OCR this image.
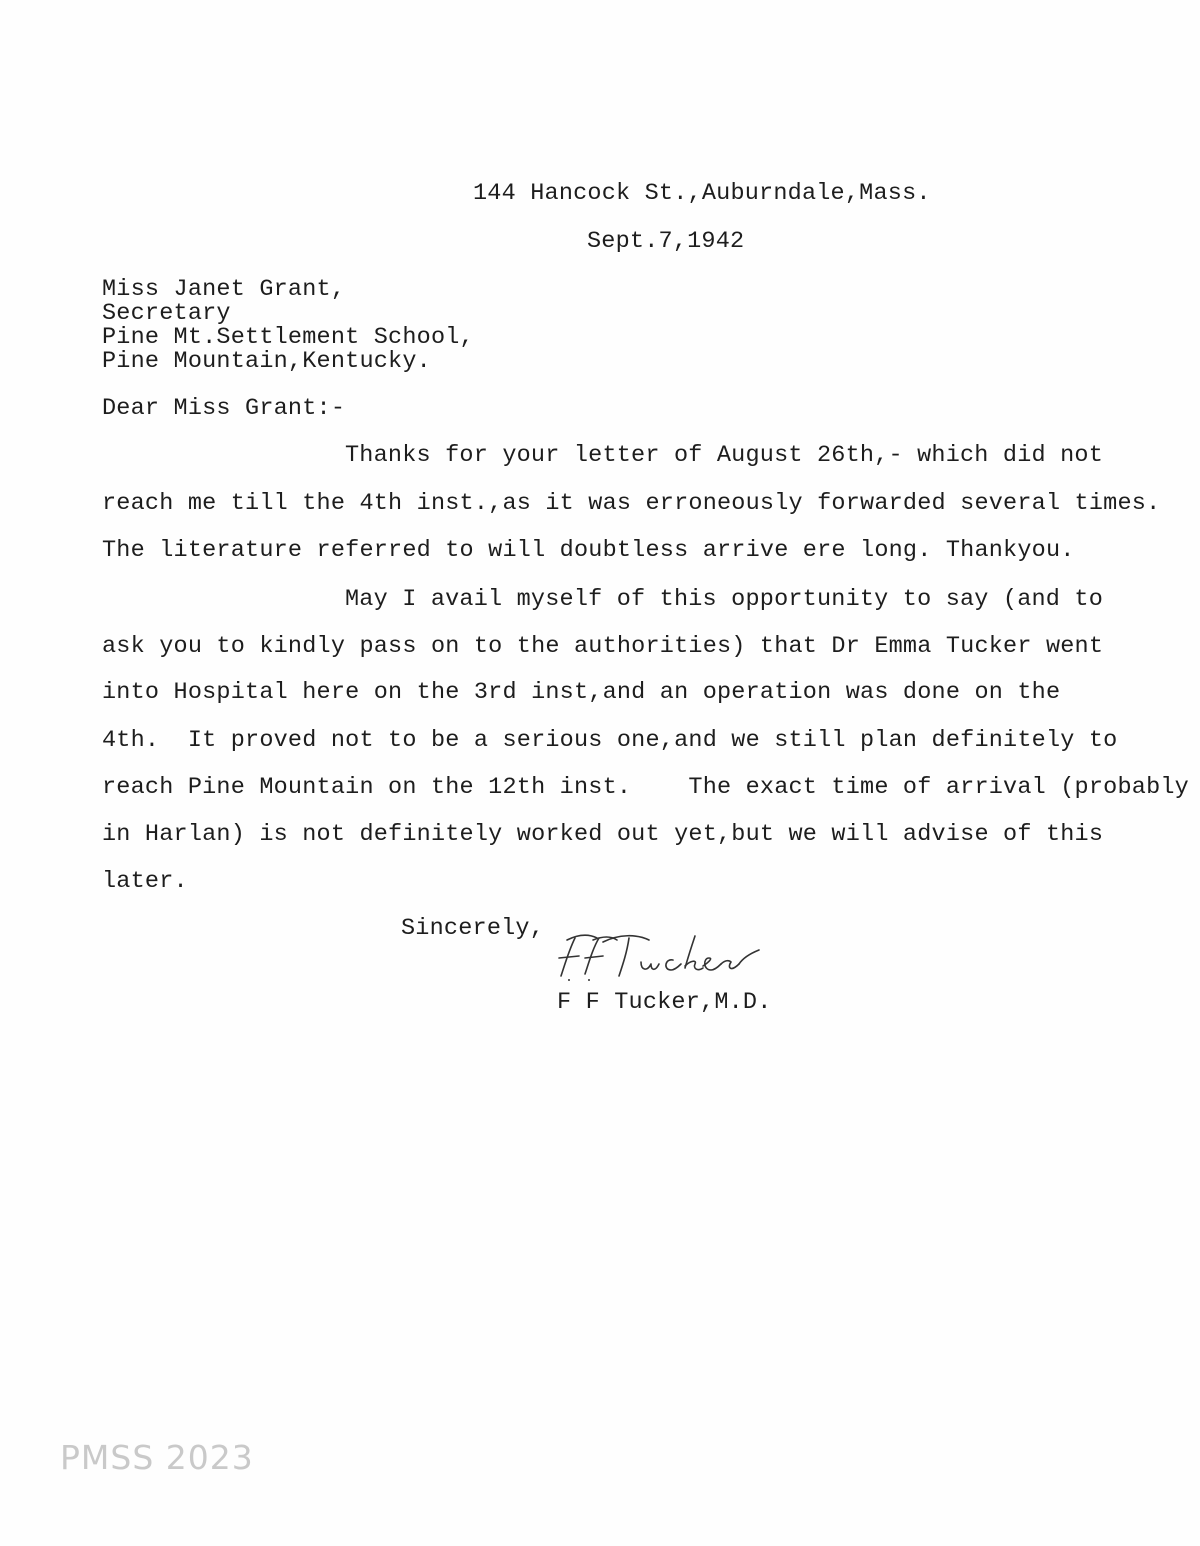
144 Hancock St.,Auburndale,Mass.
Sept.7,1942
Miss Janet Grant,
Secretary
Pine Mt.Settlement School,
Pine Mountain,Kentucky.
Dear Miss Grant:-
Thanks for your letter of August 26th,- which did not
reach me till the 4th inst.,as it was erroneously forwarded several times.
The literature referred to will doubtless arrive ere long. Thankyou.
May I avail myself of this opportunity to say (and to
ask you to kindly pass on to the authorities) that Dr Emma Tucker went
into Hospital here on the 3rd inst,and an operation was done on the
4th.  It proved not to be a serious one,and we still plan definitely to
reach Pine Mountain on the 12th inst.    The exact time of arrival (probably
in Harlan) is not definitely worked out yet,but we will advise of this
later.
Sincerely,
F F Tucker,M.D.
PMSS 2023
